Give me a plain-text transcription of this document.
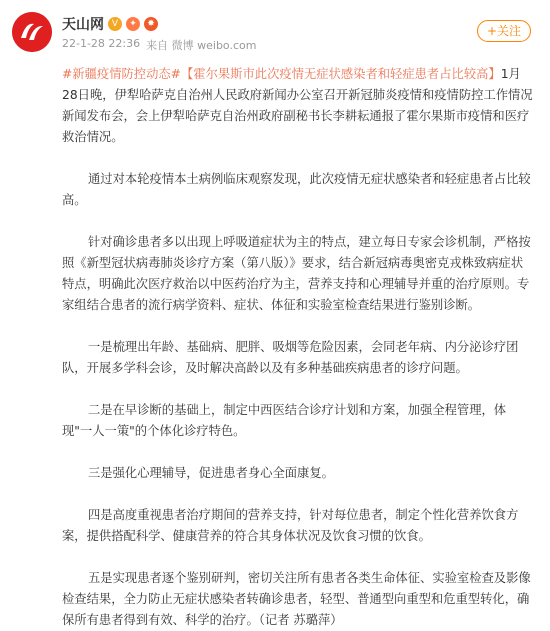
天山网 V	✦	✸
22-1-28 22:36 来自 微博 weibo.com
+关注

#新疆疫情防控动态#【霍尔果斯市此次疫情无症状感染者和轻症患者占比较高】1月28日晚，伊犁哈萨克自治州人民政府新闻办公室召开新冠肺炎疫情和疫情防控工作情况新闻发布会，会上伊犁哈萨克自治州政府副秘书长李耕耘通报了霍尔果斯市疫情和医疗救治情况。

通过对本轮疫情本土病例临床观察发现，此次疫情无症状感染者和轻症患者占比较高。

针对确诊患者多以出现上呼吸道症状为主的特点，建立每日专家会诊机制，严格按照《新型冠状病毒肺炎诊疗方案（第八版）》要求，结合新冠病毒奥密克戎株致病症状特点，明确此次医疗救治以中医药治疗为主，营养支持和心理辅导并重的治疗原则。专家组结合患者的流行病学资料、症状、体征和实验室检查结果进行鉴别诊断。

一是梳理出年龄、基础病、肥胖、吸烟等危险因素，会同老年病、内分泌诊疗团队，开展多学科会诊，及时解决高龄以及有多种基础疾病患者的诊疗问题。

二是在早诊断的基础上，制定中西医结合诊疗计划和方案，加强全程管理，体现"一人一策"的个体化诊疗特色。

三是强化心理辅导，促进患者身心全面康复。

四是高度重视患者治疗期间的营养支持，针对每位患者，制定个性化营养饮食方案，提供搭配科学、健康营养的符合其身体状况及饮食习惯的饮食。

五是实现患者逐个鉴别研判，密切关注所有患者各类生命体征、实验室检查及影像检查结果，全力防止无症状感染者转确诊患者，轻型、普通型向重型和危重型转化，确保所有患者得到有效、科学的治疗。（记者 苏璐萍）
